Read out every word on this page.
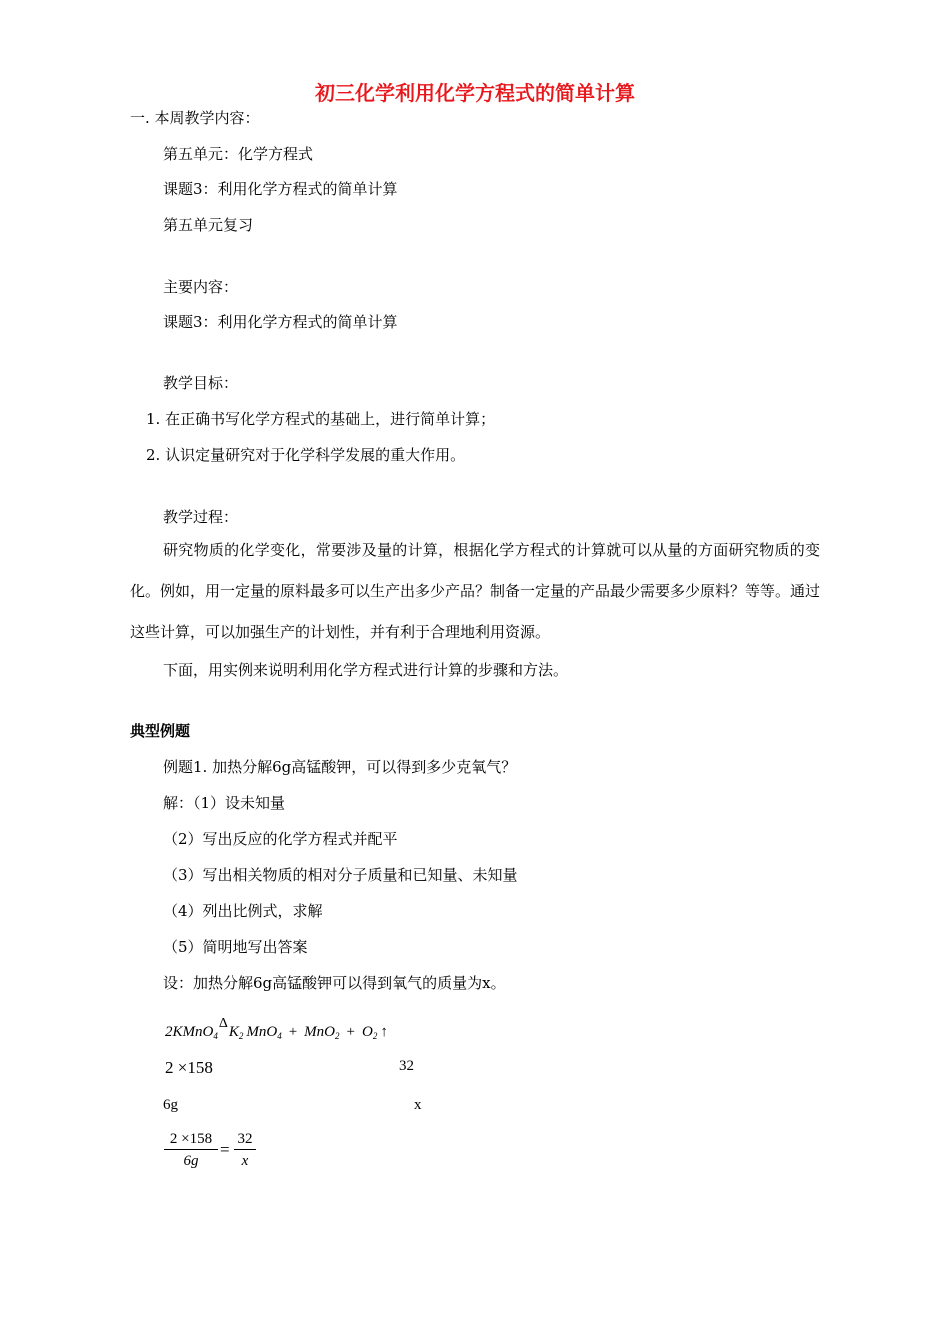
初三化学利用化学方程式的简单计算
一. 本周教学内容：
第五单元：化学方程式
课题3：利用化学方程式的简单计算
第五单元复习
主要内容：
课题3：利用化学方程式的简单计算
教学目标：
1. 在正确书写化学方程式的基础上，进行简单计算；
2. 认识定量研究对于化学科学发展的重大作用。
教学过程：
研究物质的化学变化，常要涉及量的计算，根据化学方程式的计算就可以从量的方面研究物质的变化。例如，用一定量的原料最多可以生产出多少产品？制备一定量的产品最少需要多少原料？等等。通过这些计算，可以加强生产的计划性，并有利于合理地利用资源。
下面，用实例来说明利用化学方程式进行计算的步骤和方法。
典型例题
例题1. 加热分解6g高锰酸钾，可以得到多少克氧气？
解：（1）设未知量
（2）写出反应的化学方程式并配平
（3）写出相关物质的相对分子质量和已知量、未知量
（4）列出比例式，求解
（5）简明地写出答案
设：加热分解6g高锰酸钾可以得到氧气的质量为x。
$2KMnO_4\Delta K_2$ $MnO_4 + MnO_2 + O_2$ ↑
2 ×158	32
6g	x
$\frac{2 \times 158}{6g} = \frac{32}{x}$
